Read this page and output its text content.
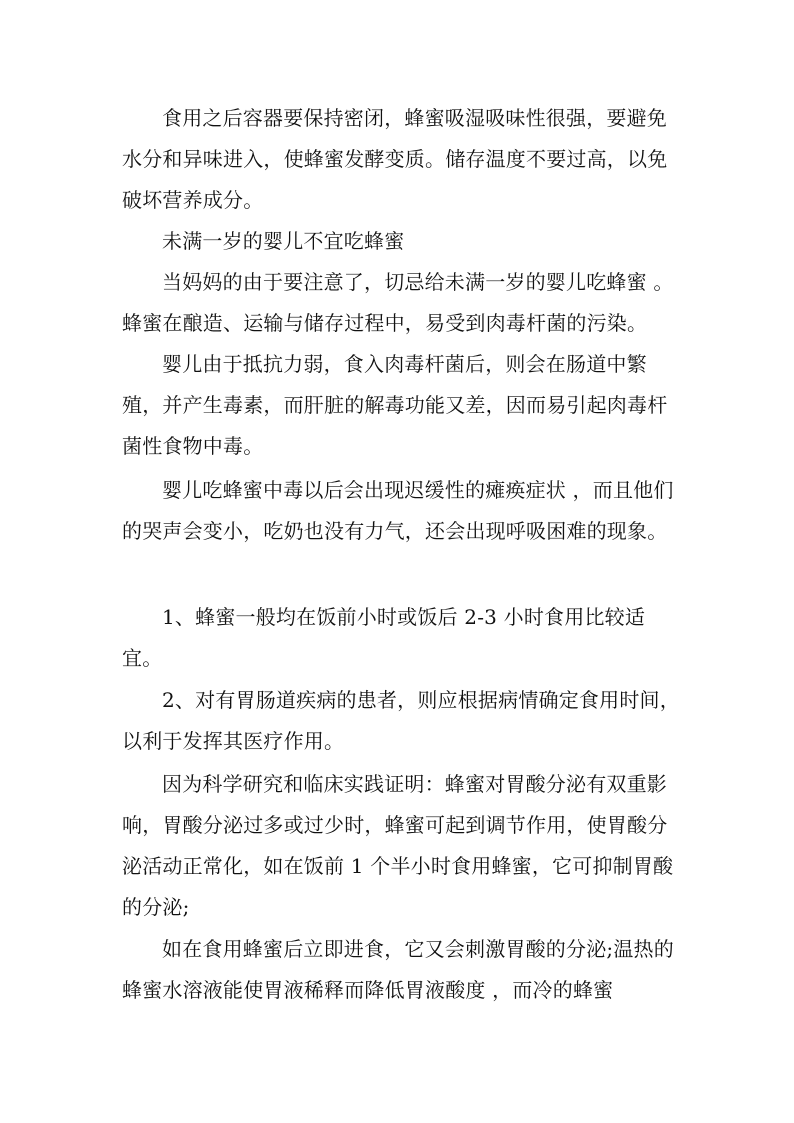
食用之后容器要保持密闭，蜂蜜吸湿吸味性很强，要避免水分和异味进入，使蜂蜜发酵变质。储存温度不要过高，以免破坏营养成分。

未满一岁的婴儿不宜吃蜂蜜

当妈妈的由于要注意了，切忌给未满一岁的婴儿吃蜂蜜 。蜂蜜在酿造、运输与储存过程中，易受到肉毒杆菌的污染。

婴儿由于抵抗力弱，食入肉毒杆菌后，则会在肠道中繁殖，并产生毒素，而肝脏的解毒功能又差，因而易引起肉毒杆菌性食物中毒。

婴儿吃蜂蜜中毒以后会出现迟缓性的瘫痪症状 ，而且他们的哭声会变小，吃奶也没有力气，还会出现呼吸困难的现象。

1、蜂蜜一般均在饭前小时或饭后 2-3 小时食用比较适宜。

2、对有胃肠道疾病的患者，则应根据病情确定食用时间，以利于发挥其医疗作用。

因为科学研究和临床实践证明：蜂蜜对胃酸分泌有双重影响，胃酸分泌过多或过少时，蜂蜜可起到调节作用，使胃酸分泌活动正常化，如在饭前 1 个半小时食用蜂蜜，它可抑制胃酸的分泌;

如在食用蜂蜜后立即进食，它又会刺激胃酸的分泌;温热的蜂蜜水溶液能使胃液稀释而降低胃液酸度 ，而冷的蜂蜜
